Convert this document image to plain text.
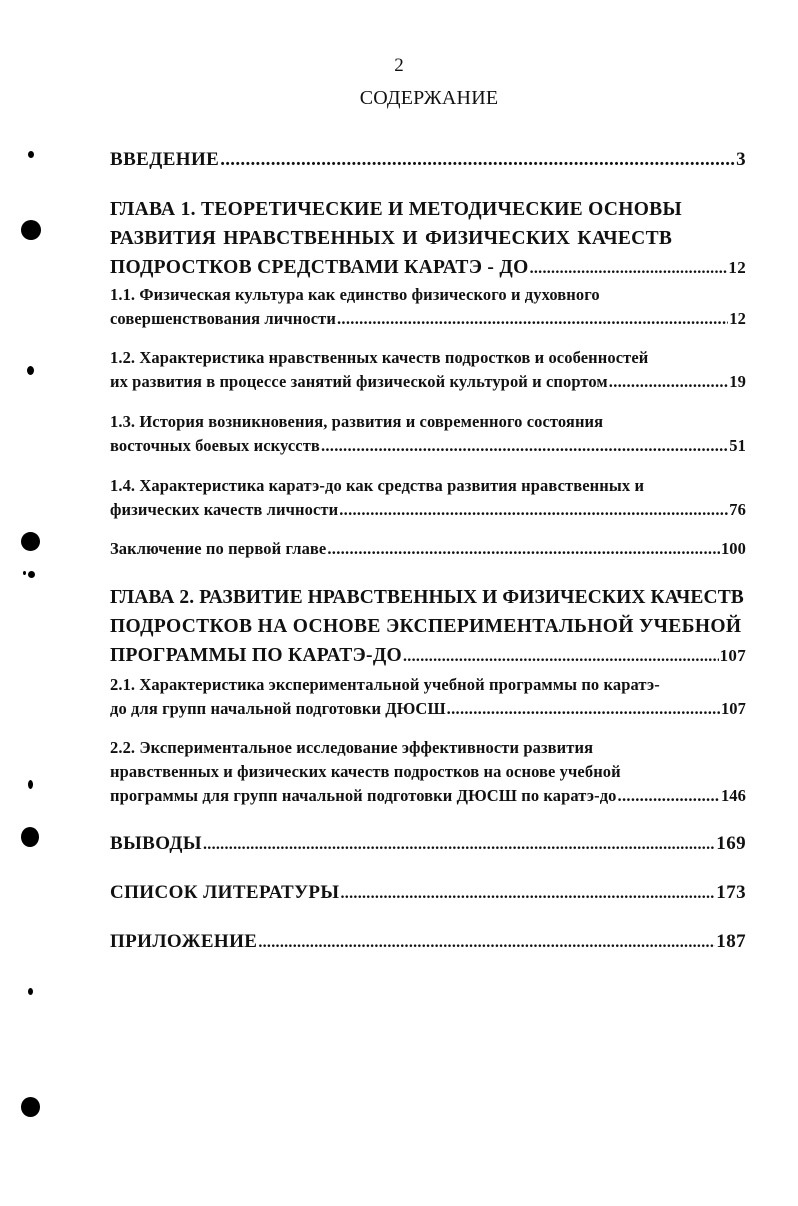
2
СОДЕРЖАНИЕ
ВВЕДЕНИЕ .....	3
ГЛАВА 1. ТЕОРЕТИЧЕСКИЕ И МЕТОДИЧЕСКИЕ ОСНОВЫ
РАЗВИТИЯ НРАВСТВЕННЫХ И ФИЗИЧЕСКИХ КАЧЕСТВ
ПОДРОСТКОВ СРЕДСТВАМИ КАРАТЭ - ДО .....	12
1.1. Физическая культура как единство физического и духовного
совершенствования личности .....	12
1.2. Характеристика нравственных качеств подростков и особенностей
их развития в процессе занятий физической культурой и спортом .....	19
1.3. История возникновения, развития и современного состояния
восточных боевых искусств .....	51
1.4. Характеристика каратэ-до как средства развития нравственных и
физических качеств личности .....	76
Заключение по первой главе .....	100
ГЛАВА 2. РАЗВИТИЕ НРАВСТВЕННЫХ И ФИЗИЧЕСКИХ КАЧЕСТВ
ПОДРОСТКОВ НА ОСНОВЕ ЭКСПЕРИМЕНТАЛЬНОЙ УЧЕБНОЙ
ПРОГРАММЫ ПО КАРАТЭ-ДО .....	107
2.1. Характеристика экспериментальной учебной программы по каратэ-
до для групп начальной подготовки ДЮСШ .....	107
2.2. Экспериментальное исследование эффективности развития
нравственных и физических качеств подростков на основе учебной
программы для групп начальной подготовки ДЮСШ по каратэ-до .....	146
ВЫВОДЫ .....	169
СПИСОК ЛИТЕРАТУРЫ .....	173
ПРИЛОЖЕНИЕ .....	187
